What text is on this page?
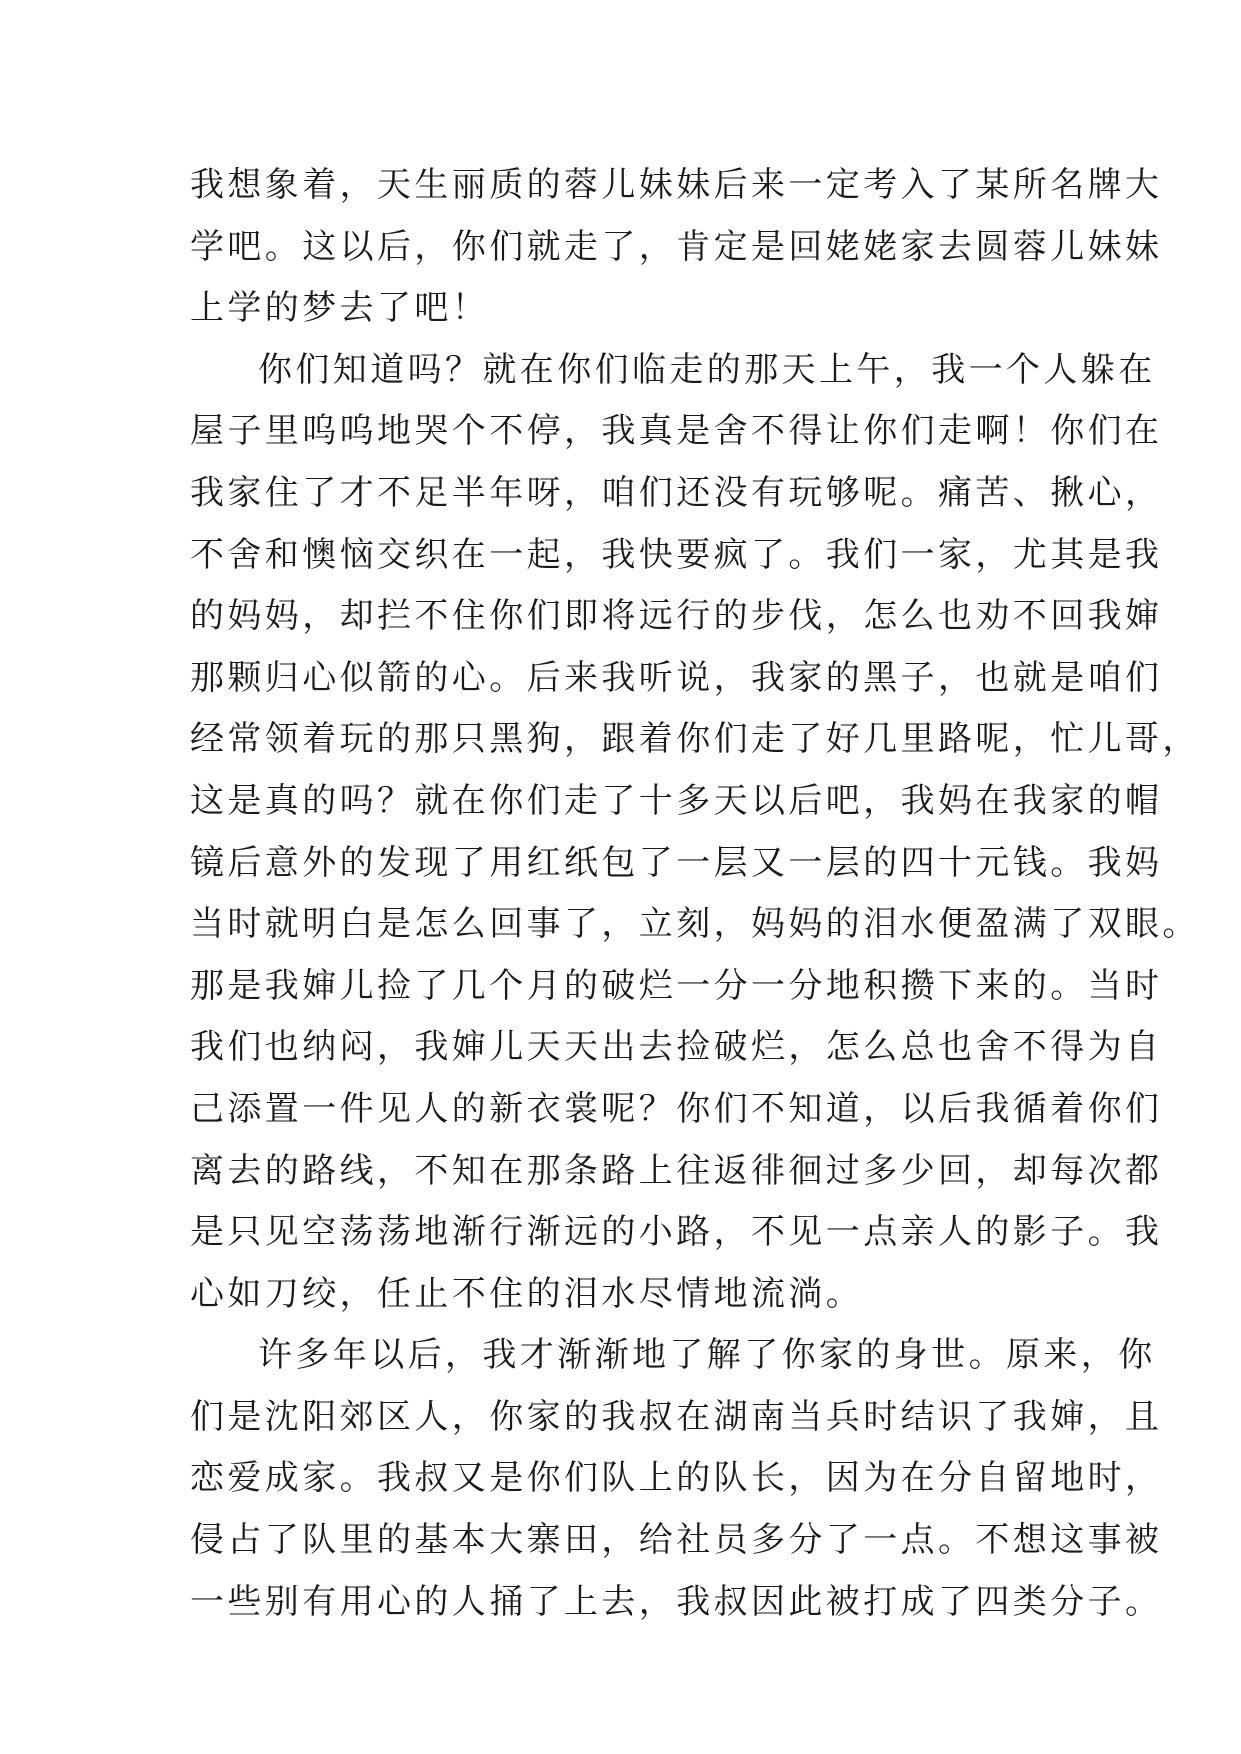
我想象着，天生丽质的蓉儿妹妹后来一定考入了某所名牌大
学吧。这以后，你们就走了，肯定是回姥姥家去圆蓉儿妹妹
上学的梦去了吧！
你们知道吗？就在你们临走的那天上午，我一个人躲在
屋子里呜呜地哭个不停，我真是舍不得让你们走啊！你们在
我家住了才不足半年呀，咱们还没有玩够呢。痛苦、揪心，
不舍和懊恼交织在一起，我快要疯了。我们一家，尤其是我
的妈妈，却拦不住你们即将远行的步伐，怎么也劝不回我婶
那颗归心似箭的心。后来我听说，我家的黑子，也就是咱们
经常领着玩的那只黑狗，跟着你们走了好几里路呢，忙儿哥，
这是真的吗？就在你们走了十多天以后吧，我妈在我家的帽
镜后意外的发现了用红纸包了一层又一层的四十元钱。我妈
当时就明白是怎么回事了，立刻，妈妈的泪水便盈满了双眼。
那是我婶儿捡了几个月的破烂一分一分地积攒下来的。当时
我们也纳闷，我婶儿天天出去捡破烂，怎么总也舍不得为自
己添置一件见人的新衣裳呢？你们不知道，以后我循着你们
离去的路线，不知在那条路上往返徘徊过多少回，却每次都
是只见空荡荡地渐行渐远的小路，不见一点亲人的影子。我
心如刀绞，任止不住的泪水尽情地流淌。
许多年以后，我才渐渐地了解了你家的身世。原来，你
们是沈阳郊区人，你家的我叔在湖南当兵时结识了我婶，且
恋爱成家。我叔又是你们队上的队长，因为在分自留地时，
侵占了队里的基本大寨田，给社员多分了一点。不想这事被
一些别有用心的人捅了上去，我叔因此被打成了四类分子。
